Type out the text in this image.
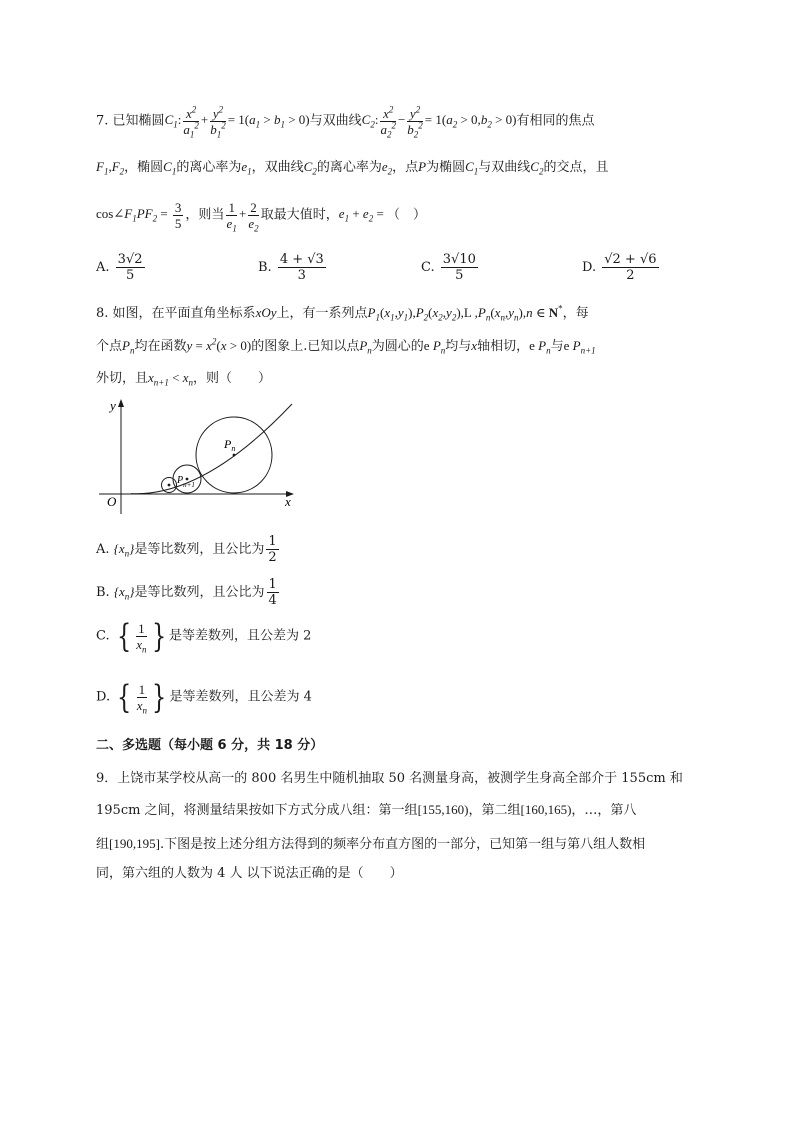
7. 已知椭圆$C_1$: $\frac{x^2}{a_1^2} + \frac{y^2}{b_1^2} = 1(a_1 > b_1 > 0)$与双曲线$C_2$: $\frac{x^2}{a_2^2} - \frac{y^2}{b_2^2} = 1(a_2 > 0,b_2 > 0)$有相同的焦点
$F_1,F_2$，椭圆$C_1$的离心率为$e_1$，双曲线$C_2$的离心率为$e_2$，点P为椭圆$C_1$与双曲线$C_2$的交点，且
$\cos\angle F_1PF_2 = \frac{3}{5}$ ，则当 $\frac{1}{e_1} + \frac{2}{e_2}$ 取最大值时，$e_1 + e_2$ = （　）
A. $\frac{3√2}{5}$	B. $\frac{4 + √3}{3}$	C. $\frac{3√10}{5}$	D. $\frac{√2 + √6}{2}$
8. 如图，在平面直角坐标系xOy上，有一系列点$P_1(x_1,y_1),P_2(x_2,y_2),L$ $,P_n(x_n,y_n),n$ ∈ N*，每
个点$P_n$均在函数$y = x^2(x > 0)$的图象上.已知以点$P_n$为圆心的e $P_n$均与x轴相切，e $P_n$与e $P_{n+1}$
外切，且$x_{n+1} < x_n$，则（　　）
y
x
O
$P_n$
$P_{n+1}$
A. $\{x_n\}$是等比数列，且公比为 $\frac{1}{2}$
B. $\{x_n\}$是等比数列，且公比为 $\frac{1}{4}$
C. { $\frac{1}{x_n}$ } 是等差数列，且公差为 2
D. { $\frac{1}{x_n}$ } 是等差数列，且公差为 4
二、多选题（每小题 6 分，共 18 分）
9．上饶市某学校从高一的 800 名男生中随机抽取 50 名测量身高，被测学生身高全部介于 155cm 和
195cm 之间，将测量结果按如下方式分成八组：第一组[155,160)，第二组[160,165)，…，第八
组[190,195].下图是按上述分组方法得到的频率分布直方图的一部分，已知第一组与第八组人数相
同，第六组的人数为 4 人 以下说法正确的是（　　）
